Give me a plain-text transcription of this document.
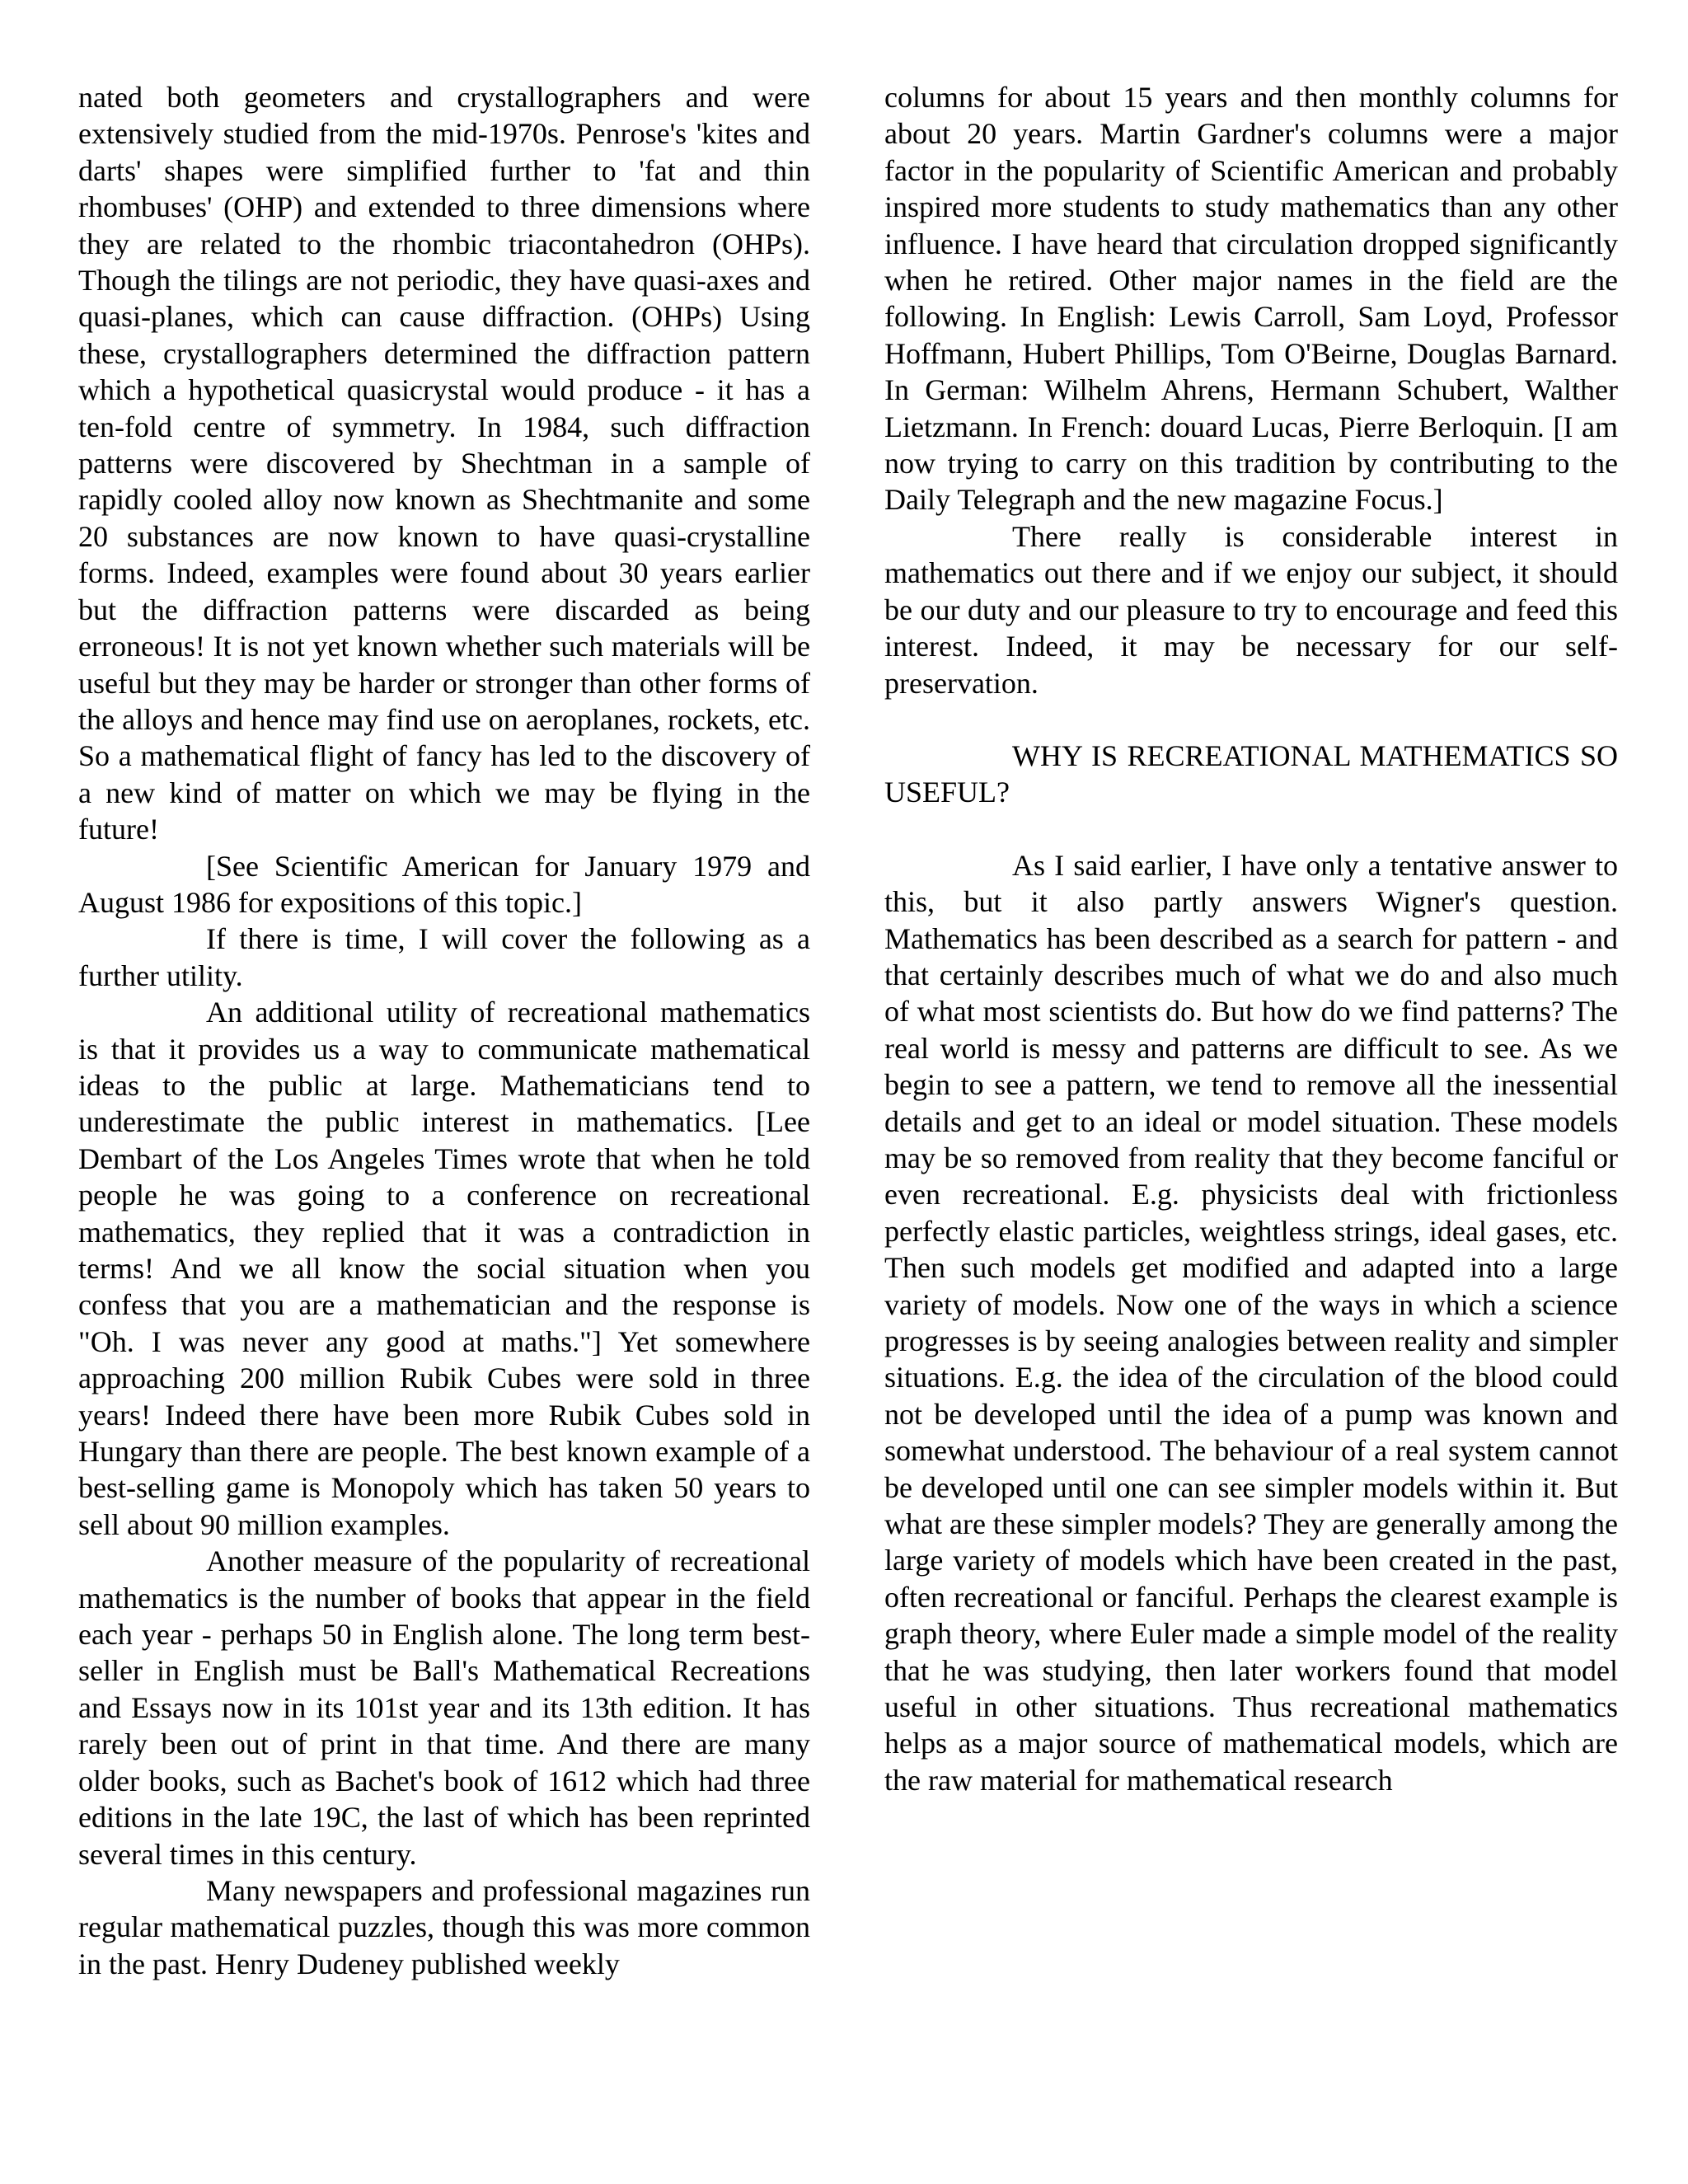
nated both geometers and crystallographers and were extensively studied from the mid-1970s. Penrose's 'kites and darts' shapes were simplified further to 'fat and thin rhombuses' (OHP) and extended to three dimensions where they are related to the rhombic triacontahedron (OHPs). Though the tilings are not periodic, they have quasi-axes and quasi-planes, which can cause diffraction. (OHPs) Using these, crystallographers determined the diffraction pattern which a hypothetical quasicrystal would produce - it has a ten-fold centre of symmetry. In 1984, such diffraction patterns were discovered by Shechtman in a sample of rapidly cooled alloy now known as Shechtmanite and some 20 substances are now known to have quasi-crystalline forms. Indeed, examples were found about 30 years earlier but the diffraction patterns were discarded as being erroneous! It is not yet known whether such materials will be useful but they may be harder or stronger than other forms of the alloys and hence may find use on aeroplanes, rockets, etc. So a mathematical flight of fancy has led to the discovery of a new kind of matter on which we may be flying in the future!

[See Scientific American for January 1979 and August 1986 for expositions of this topic.]

If there is time, I will cover the following as a further utility.

An additional utility of recreational mathematics is that it provides us a way to communicate mathematical ideas to the public at large. Mathematicians tend to underestimate the public interest in mathematics. [Lee Dembart of the Los Angeles Times wrote that when he told people he was going to a conference on recreational mathematics, they replied that it was a contradiction in terms! And we all know the social situation when you confess that you are a mathematician and the response is "Oh. I was never any good at maths."] Yet somewhere approaching 200 million Rubik Cubes were sold in three years! Indeed there have been more Rubik Cubes sold in Hungary than there are people. The best known example of a best-selling game is Monopoly which has taken 50 years to sell about 90 million examples.

Another measure of the popularity of recreational mathematics is the number of books that appear in the field each year - perhaps 50 in English alone. The long term best-seller in English must be Ball's Mathematical Recreations and Essays now in its 101st year and its 13th edition. It has rarely been out of print in that time. And there are many older books, such as Bachet's book of 1612 which had three editions in the late 19C, the last of which has been reprinted several times in this century.

Many newspapers and professional magazines run regular mathematical puzzles, though this was more common in the past. Henry Dudeney published weekly

columns for about 15 years and then monthly columns for about 20 years. Martin Gardner's columns were a major factor in the popularity of Scientific American and probably inspired more students to study mathematics than any other influence. I have heard that circulation dropped significantly when he retired. Other major names in the field are the following. In English: Lewis Carroll, Sam Loyd, Professor Hoffmann, Hubert Phillips, Tom O'Beirne, Douglas Barnard. In German: Wilhelm Ahrens, Hermann Schubert, Walther Lietzmann. In French: douard Lucas, Pierre Berloquin. [I am now trying to carry on this tradition by contributing to the Daily Telegraph and the new magazine Focus.]

There really is considerable interest in mathematics out there and if we enjoy our subject, it should be our duty and our pleasure to try to encourage and feed this interest. Indeed, it may be necessary for our self-preservation.

WHY IS RECREATIONAL MATHEMATICS SO USEFUL?

As I said earlier, I have only a tentative answer to this, but it also partly answers Wigner's question. Mathematics has been described as a search for pattern - and that certainly describes much of what we do and also much of what most scientists do. But how do we find patterns? The real world is messy and patterns are difficult to see. As we begin to see a pattern, we tend to remove all the inessential details and get to an ideal or model situation. These models may be so removed from reality that they become fanciful or even recreational. E.g. physicists deal with frictionless perfectly elastic particles, weightless strings, ideal gases, etc. Then such models get modified and adapted into a large variety of models. Now one of the ways in which a science progresses is by seeing analogies between reality and simpler situations. E.g. the idea of the circulation of the blood could not be developed until the idea of a pump was known and somewhat understood. The behaviour of a real system cannot be developed until one can see simpler models within it. But what are these simpler models? They are generally among the large variety of models which have been created in the past, often recreational or fanciful. Perhaps the clearest example is graph theory, where Euler made a simple model of the reality that he was studying, then later workers found that model useful in other situations. Thus recreational mathematics helps as a major source of mathematical models, which are the raw material for mathematical research
